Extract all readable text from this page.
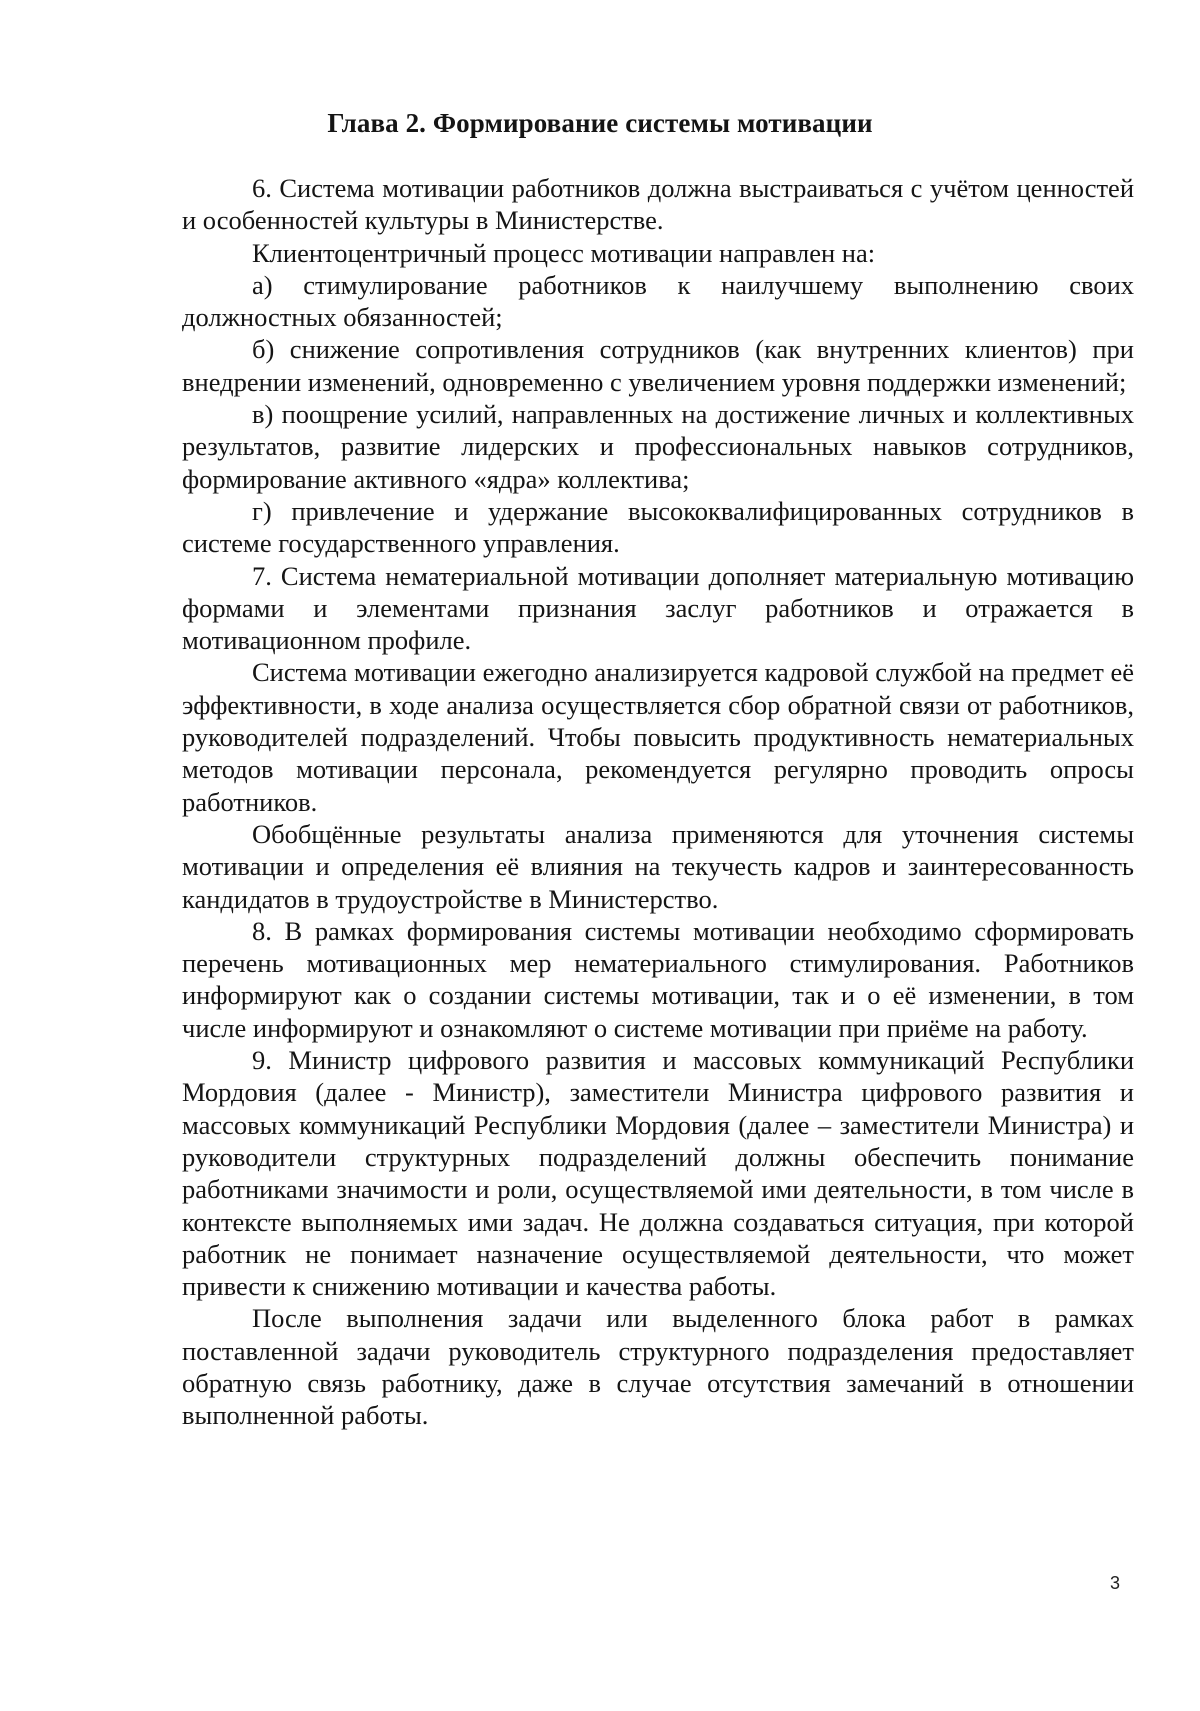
Глава 2. Формирование системы мотивации

6. Система мотивации работников должна выстраиваться с учётом ценностей и особенностей культуры в Министерстве.

Клиентоцентричный процесс мотивации направлен на:

а) стимулирование работников к наилучшему выполнению своих должностных обязанностей;

б) снижение сопротивления сотрудников (как внутренних клиентов) при внедрении изменений, одновременно с увеличением уровня поддержки изменений;

в) поощрение усилий, направленных на достижение личных и коллективных результатов, развитие лидерских и профессиональных навыков сотрудников, формирование активного «ядра» коллектива;

г) привлечение и удержание высококвалифицированных сотрудников в системе государственного управления.

7. Система нематериальной мотивации дополняет материальную мотивацию формами и элементами признания заслуг работников и отражается в мотивационном профиле.

Система мотивации ежегодно анализируется кадровой службой на предмет её эффективности, в ходе анализа осуществляется сбор обратной связи от работников, руководителей подразделений. Чтобы повысить продуктивность нематериальных методов мотивации персонала, рекомендуется регулярно проводить опросы работников.

Обобщённые результаты анализа применяются для уточнения системы мотивации и определения её влияния на текучесть кадров и заинтересованность кандидатов в трудоустройстве в Министерство.

8. В рамках формирования системы мотивации необходимо сформировать перечень мотивационных мер нематериального стимулирования. Работников информируют как о создании системы мотивации, так и о её изменении, в том числе информируют и ознакомляют о системе мотивации при приёме на работу.

9. Министр цифрового развития и массовых коммуникаций Республики Мордовия (далее - Министр), заместители Министра цифрового развития и массовых коммуникаций Республики Мордовия (далее – заместители Министра) и руководители структурных подразделений должны обеспечить понимание работниками значимости и роли, осуществляемой ими деятельности, в том числе в контексте выполняемых ими задач. Не должна создаваться ситуация, при которой работник не понимает назначение осуществляемой деятельности, что может привести к снижению мотивации и качества работы.

После выполнения задачи или выделенного блока работ в рамках поставленной задачи руководитель структурного подразделения предоставляет обратную связь работнику, даже в случае отсутствия замечаний в отношении выполненной работы.

3
